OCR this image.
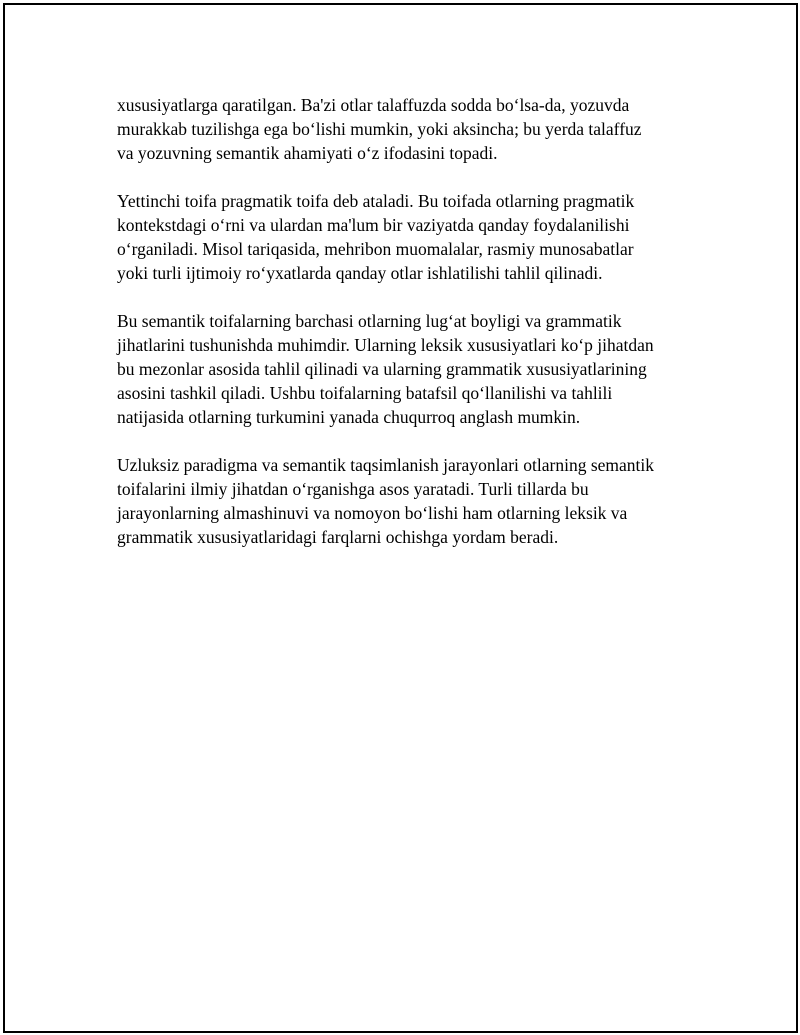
xususiyatlarga qaratilgan. Ba'zi otlar talaffuzda sodda bo‘lsa-da, yozuvda
murakkab tuzilishga ega bo‘lishi mumkin, yoki aksincha; bu yerda talaffuz
va yozuvning semantik ahamiyati o‘z ifodasini topadi.

Yettinchi toifa pragmatik toifa deb ataladi. Bu toifada otlarning pragmatik
kontekstdagi o‘rni va ulardan ma'lum bir vaziyatda qanday foydalanilishi
o‘rganiladi. Misol tariqasida, mehribon muomalalar, rasmiy munosabatlar
yoki turli ijtimoiy ro‘yxatlarda qanday otlar ishlatilishi tahlil qilinadi.

Bu semantik toifalarning barchasi otlarning lug‘at boyligi va grammatik
jihatlarini tushunishda muhimdir. Ularning leksik xususiyatlari ko‘p jihatdan
bu mezonlar asosida tahlil qilinadi va ularning grammatik xususiyatlarining
asosini tashkil qiladi. Ushbu toifalarning batafsil qo‘llanilishi va tahlili
natijasida otlarning turkumini yanada chuqurroq anglash mumkin.

Uzluksiz paradigma va semantik taqsimlanish jarayonlari otlarning semantik
toifalarini ilmiy jihatdan o‘rganishga asos yaratadi. Turli tillarda bu
jarayonlarning almashinuvi va nomoyon bo‘lishi ham otlarning leksik va
grammatik xususiyatlaridagi farqlarni ochishga yordam beradi.
